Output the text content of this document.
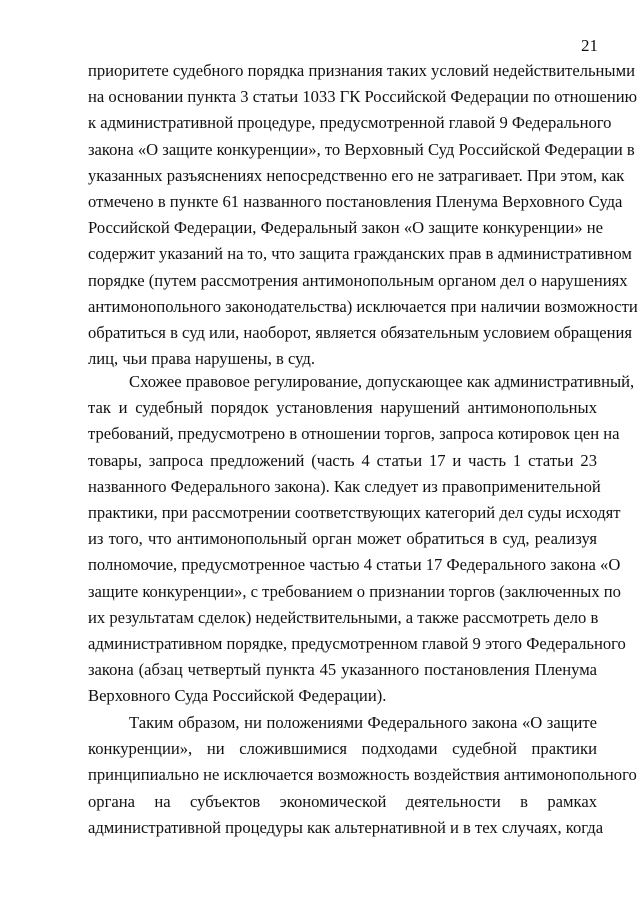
21
приоритете судебного порядка признания таких условий недействительными
на основании пункта 3 статьи 1033 ГК Российской Федерации по отношению
к административной процедуре, предусмотренной главой 9 Федерального
закона «О защите конкуренции», то Верховный Суд Российской Федерации в
указанных разъяснениях непосредственно его не затрагивает. При этом, как
отмечено в пункте 61 названного постановления Пленума Верховного Суда
Российской Федерации, Федеральный закон «О защите конкуренции» не
содержит указаний на то, что защита гражданских прав в административном
порядке (путем рассмотрения антимонопольным органом дел о нарушениях
антимонопольного законодательства) исключается при наличии возможности
обратиться в суд или, наоборот, является обязательным условием обращения
лиц, чьи права нарушены, в суд.
Схожее правовое регулирование, допускающее как административный,
так и судебный порядок установления нарушений антимонопольных
требований, предусмотрено в отношении торгов, запроса котировок цен на
товары, запроса предложений (часть 4 статьи 17 и часть 1 статьи 23
названного Федерального закона). Как следует из правоприменительной
практики, при рассмотрении соответствующих категорий дел суды исходят
из того, что антимонопольный орган может обратиться в суд, реализуя
полномочие, предусмотренное частью 4 статьи 17 Федерального закона «О
защите конкуренции», с требованием о признании торгов (заключенных по
их результатам сделок) недействительными, а также рассмотреть дело в
административном порядке, предусмотренном главой 9 этого Федерального
закона (абзац четвертый пункта 45 указанного постановления Пленума
Верховного Суда Российской Федерации).
Таким образом, ни положениями Федерального закона «О защите
конкуренции», ни сложившимися подходами судебной практики
принципиально не исключается возможность воздействия антимонопольного
органа на субъектов экономической деятельности в рамках
административной процедуры как альтернативной и в тех случаях, когда
